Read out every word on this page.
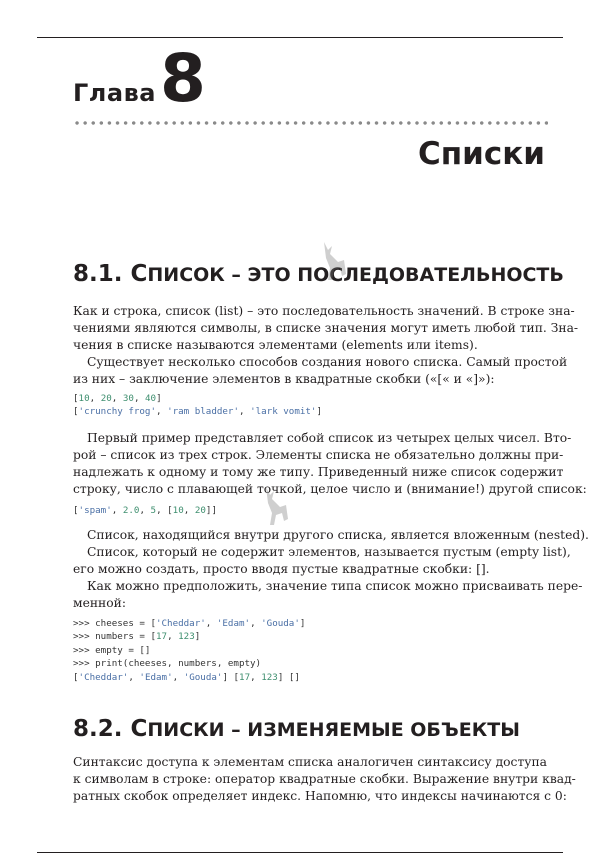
Глава8
Списки
8.1. СПИСОК – ЭТО ПОСЛЕДОВАТЕЛЬНОСТЬ
Как и строка, список (list) – это последовательность значений. В строке зна-
чениями являются символы, в списке значения могут иметь любой тип. Зна-
чения в списке называются элементами (elements или items).
Существует несколько способов создания нового списка. Самый простой
из них – заключение элементов в квадратные скобки («[« и «]»):
[10, 20, 30, 40]
['crunchy frog', 'ram bladder', 'lark vomit']
Первый пример представляет собой список из четырех целых чисел. Вто-
рой – список из трех строк. Элементы списка не обязательно должны при-
надлежать к одному и тому же типу. Приведенный ниже список содержит
строку, число с плавающей точкой, целое число и (внимание!) другой список:
['spam', 2.0, 5, [10, 20]]
Список, находящийся внутри другого списка, является вложенным (nested).
Список, который не содержит элементов, называется пустым (empty list),
его можно создать, просто вводя пустые квадратные скобки: [].
Как можно предположить, значение типа список можно присваивать пере-
менной:
>>> cheeses = ['Cheddar', 'Edam', 'Gouda']
>>> numbers = [17, 123]
>>> empty = []
>>> print(cheeses, numbers, empty)
['Cheddar', 'Edam', 'Gouda'] [17, 123] []
8.2. СПИСКИ – ИЗМЕНЯЕМЫЕ ОБЪЕКТЫ
Синтаксис доступа к элементам списка аналогичен синтаксису доступа
к символам в строке: оператор квадратные скобки. Выражение внутри квад-
ратных скобок определяет индекс. Напомню, что индексы начинаются с 0:
